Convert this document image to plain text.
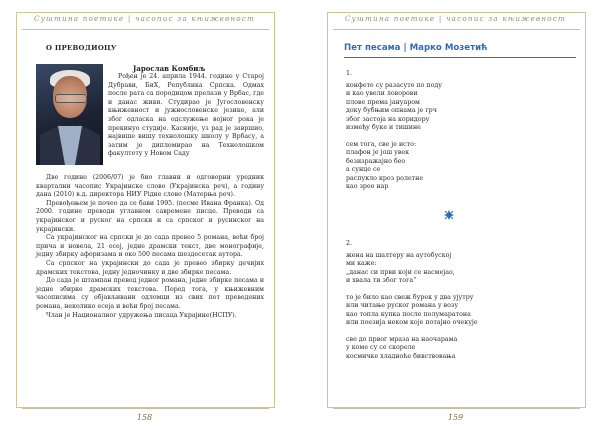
Суштина поетике | часопис за књижевност
158
Суштина поетике | часопис за књижевност
159
О ПРЕВОДИОЦУ
Јарослав Комбиљ

Рођен је 24. априла 1944. године у Старој Дубрави, БиХ, Република Српска. Одмах после рата са породицом прелази у Врбас, где и данас живи. Студирао је Југословенску књижевност и јужнословенске језике, али због одласка на одслужење војног рока је прекинуо студије. Касније, уз рад је завршио, највише вишу технолошку школу у Врбасу, а затим је дипломирао на Технолошком факултету у Новом Саду

Две године (2006/07) је био главни и одговорни уредник квартални часопис Украјинске слово (Украјинска реч), а годину дана (2010) в.д. директора НИУ Рідне слово (Матерња реч).

Превођењем је почео да се бави 1995. (песме Ивана Франка). Од 2000. године преводи углавном савремене писце. Преводи са украјинског и руског на српски и са српског и русинског на украјински.

Са украјинског на српски је до сада превео 5 романа, већи број прича и новела, 21 есеј, једне драмски текст, две монографије, једну збирку афоризама и око 500 песама шездесетак аутора.

Са српског на украјински до сада је превео збирку дечијих драмских текстова, једну једночинку и две збирке песама.

До сада је штампан превод једног романа, једне збирке песама и једне збирке драмских текстова. Поред тога, у књижевним часописима су објављивани одломци из свих пет преведених романа, неколико есеја и већи број песама.

Члан је Националног удружења писаца Украјине(НСПУ).

Пет песама | Марко Мозетић
1.
конфете су разасуте по поду
и као увели ловорови
плове према јануаром
доку бубњим опнама је грч
због застоја на коридору
између буке и тишине
сем тога, све је исто:
плафон је још увек
безизражајно бео
а сунце се
распукло кроз ролетне
као зрео нар
2.
жена на шалтеру на аутобуској
ми каже:
„данас си први који се насмејао,
и хвала ти због тога“
то је било као свеж бурек у два ујутру
или читање руског романа у возу
као топла купка после полумаратона
или поезија неком које потајно очекује
све до првог мраза на наочарама
у коме су се скореле
космичке хладноће бивствовања
